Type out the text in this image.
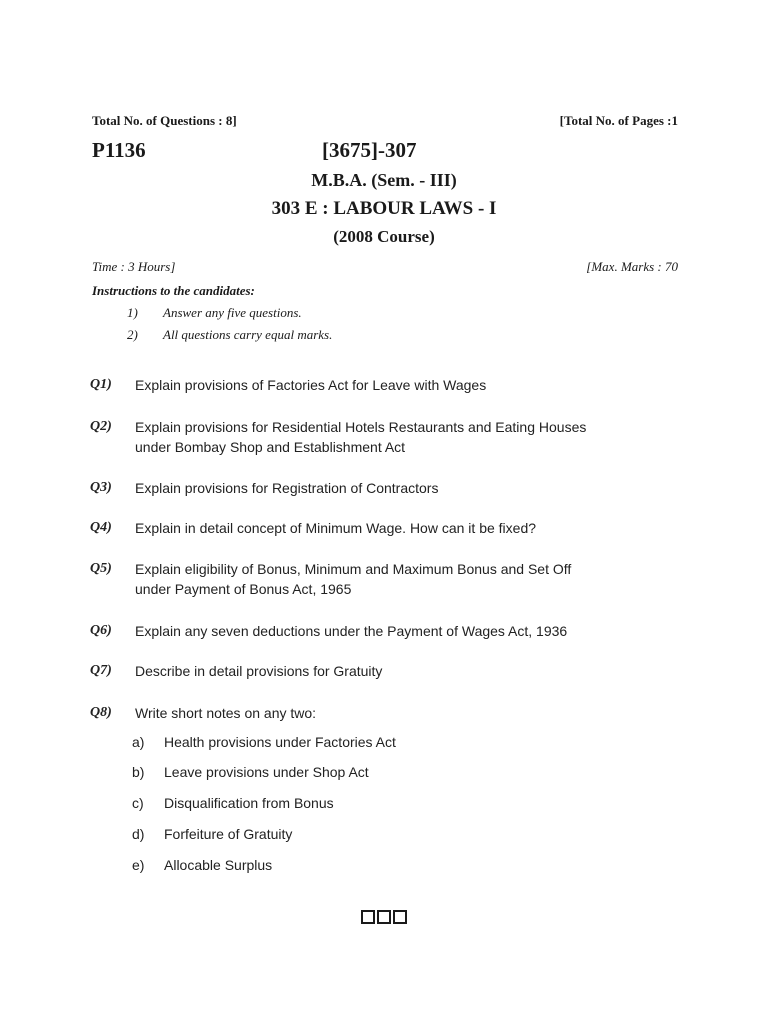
Total No. of Questions : 8]	[Total No. of Pages :1
P1136	[3675]-307
M.B.A. (Sem. - III)
303 E : LABOUR LAWS - I
(2008 Course)
Time : 3 Hours]	[Max. Marks : 70
Instructions to the candidates:
1) Answer any five questions.
2) All questions carry equal marks.
Q1) Explain provisions of Factories Act for Leave with Wages
Q2) Explain provisions for Residential Hotels Restaurants and Eating Houses
under Bombay Shop and Establishment Act
Q3) Explain provisions for Registration of Contractors
Q4) Explain in detail concept of Minimum Wage. How can it be fixed?
Q5) Explain eligibility of Bonus, Minimum and Maximum Bonus and Set Off
under Payment of Bonus Act, 1965
Q6) Explain any seven deductions under the Payment of Wages Act, 1936
Q7) Describe in detail provisions for Gratuity
Q8) Write short notes on any two:
a) Health provisions under Factories Act
b) Leave provisions under Shop Act
c) Disqualification from Bonus
d) Forfeiture of Gratuity
e) Allocable Surplus
